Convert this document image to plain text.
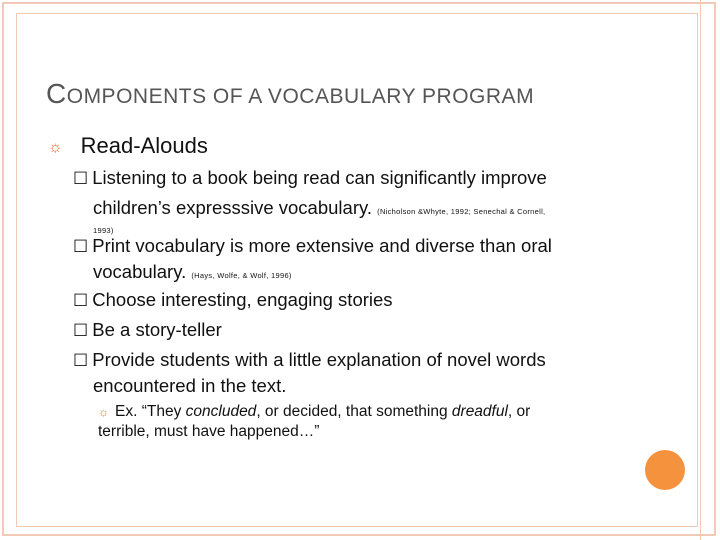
COMPONENTS OF A VOCABULARY PROGRAM
☼ Read-Alouds
☐ Listening to a book being read can significantly improve
children’s expresssive vocabulary. (Nicholson &Whyte, 1992; Senechal & Cornell,
1993)
☐ Print vocabulary is more extensive and diverse than oral
vocabulary. (Hays, Wolfe, & Wolf, 1996)
☐ Choose interesting, engaging stories
☐ Be a story-teller
☐ Provide students with a little explanation of novel words
encountered in the text.
☼ Ex. “They concluded, or decided, that something dreadful, or
terrible, must have happened…”
